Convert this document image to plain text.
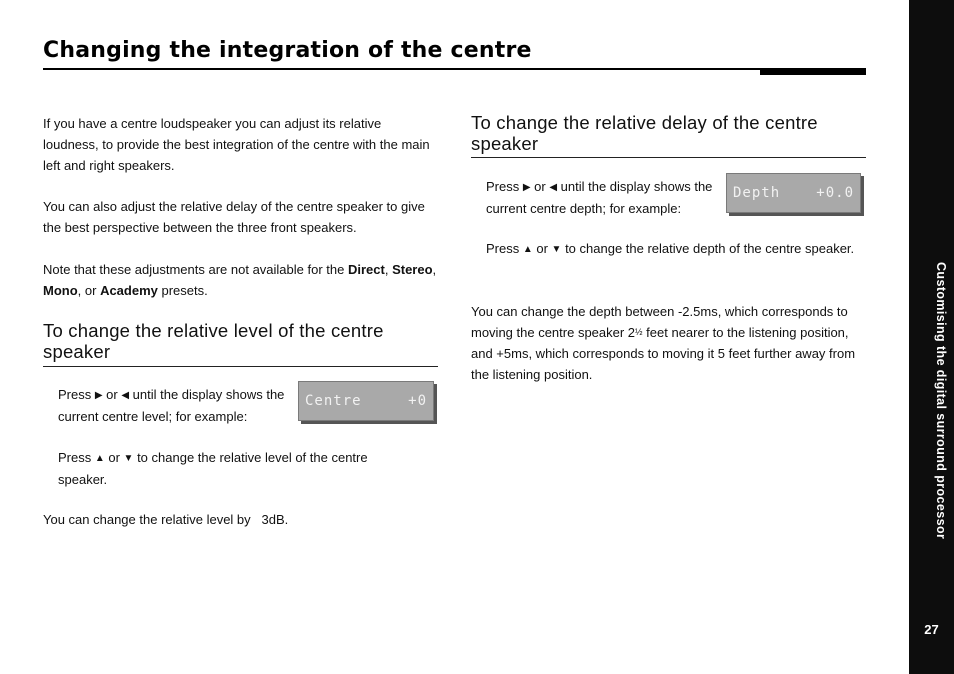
Changing the integration of the centre
Customising the digital surround processor
27

If you have a centre loudspeaker you can adjust its relative loudness, to provide the best integration of the centre with the main left and right speakers.

You can also adjust the relative delay of the centre speaker to give the best perspective between the three front speakers.

Note that these adjustments are not available for the Direct, Stereo, Mono, or Academy presets.

To change the relative level of the centre speaker

Press ▶ or ◀ until the display shows the current centre level; for example:

Centre	+0

Press ▲ or ▼ to change the relative level of the centre speaker.

You can change the relative level by   3dB.

To change the relative delay of the centre speaker

Press ▶ or ◀ until the display shows the current centre depth; for example:

Depth	+0.0

Press ▲ or ▼ to change the relative depth of the centre speaker.

You can change the depth between -2.5ms, which corresponds to moving the centre speaker 2½ feet nearer to the listening position, and +5ms, which corresponds to moving it 5 feet further away from the listening position.
